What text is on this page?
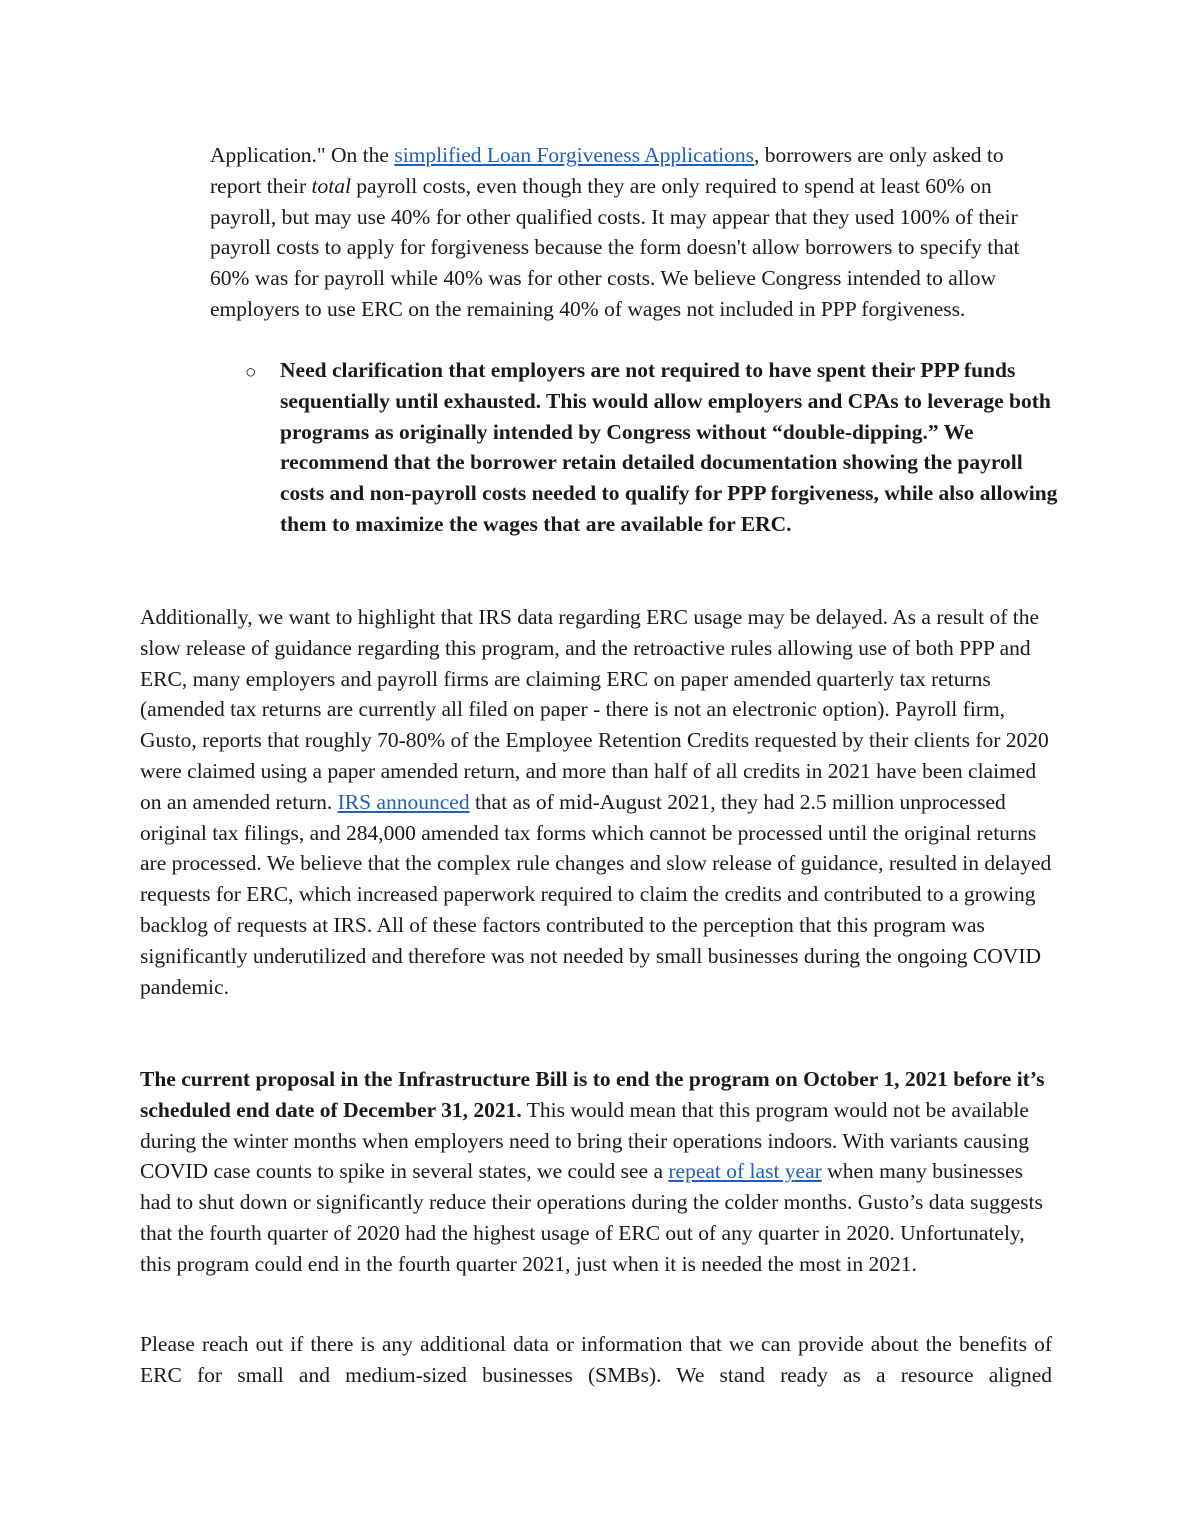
Application." On the simplified Loan Forgiveness Applications, borrowers are only asked to report their total payroll costs, even though they are only required to spend at least 60% on payroll, but may use 40% for other qualified costs. It may appear that they used 100% of their payroll costs to apply for forgiveness because the form doesn't allow borrowers to specify that 60% was for payroll while 40% was for other costs. We believe Congress intended to allow employers to use ERC on the remaining 40% of wages not included in PPP forgiveness.

○ Need clarification that employers are not required to have spent their PPP funds sequentially until exhausted. This would allow employers and CPAs to leverage both programs as originally intended by Congress without “double-dipping.” We recommend that the borrower retain detailed documentation showing the payroll costs and non-payroll costs needed to qualify for PPP forgiveness, while also allowing them to maximize the wages that are available for ERC.

Additionally, we want to highlight that IRS data regarding ERC usage may be delayed. As a result of the slow release of guidance regarding this program, and the retroactive rules allowing use of both PPP and ERC, many employers and payroll firms are claiming ERC on paper amended quarterly tax returns (amended tax returns are currently all filed on paper - there is not an electronic option). Payroll firm, Gusto, reports that roughly 70-80% of the Employee Retention Credits requested by their clients for 2020 were claimed using a paper amended return, and more than half of all credits in 2021 have been claimed on an amended return. IRS announced that as of mid-August 2021, they had 2.5 million unprocessed original tax filings, and 284,000 amended tax forms which cannot be processed until the original returns are processed. We believe that the complex rule changes and slow release of guidance, resulted in delayed requests for ERC, which increased paperwork required to claim the credits and contributed to a growing backlog of requests at IRS. All of these factors contributed to the perception that this program was significantly underutilized and therefore was not needed by small businesses during the ongoing COVID pandemic.

The current proposal in the Infrastructure Bill is to end the program on October 1, 2021 before it’s scheduled end date of December 31, 2021. This would mean that this program would not be available during the winter months when employers need to bring their operations indoors. With variants causing COVID case counts to spike in several states, we could see a repeat of last year when many businesses had to shut down or significantly reduce their operations during the colder months. Gusto’s data suggests that the fourth quarter of 2020 had the highest usage of ERC out of any quarter in 2020. Unfortunately, this program could end in the fourth quarter 2021, just when it is needed the most in 2021.

Please reach out if there is any additional data or information that we can provide about the benefits of ERC for small and medium-sized businesses (SMBs). We stand ready as a resource aligned
